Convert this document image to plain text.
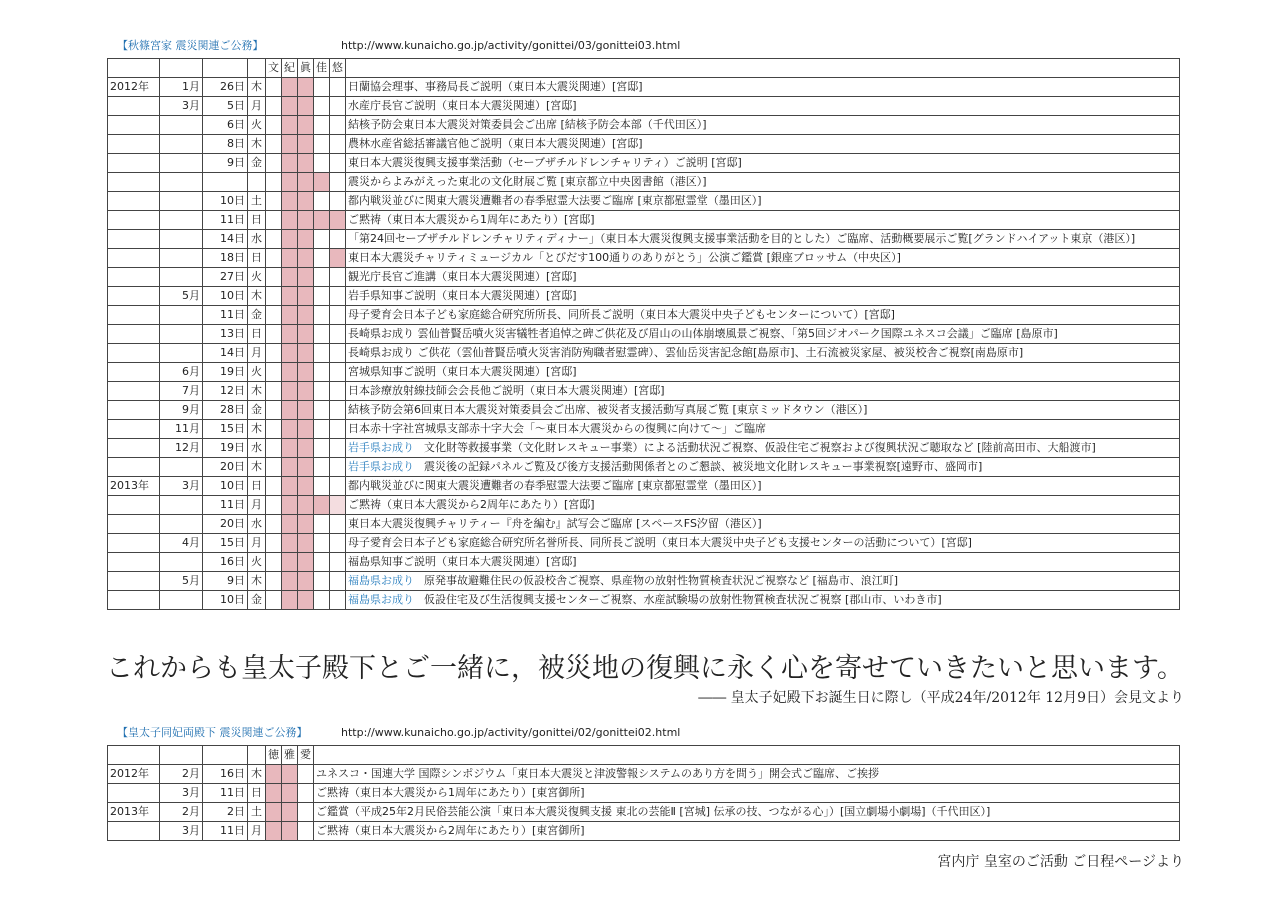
【秋篠宮家 震災関連ご公務】	http://www.kunaicho.go.jp/activity/gonittei/03/gonittei03.html
				文	紀	眞	佳	悠	
2012年	1月	26日	木						日蘭協会理事、事務局長ご説明（東日本大震災関連）[宮邸]
	3月	5日	月						水産庁長官ご説明（東日本大震災関連）[宮邸]
		6日	火						結核予防会東日本大震災対策委員会ご出席 [結核予防会本部（千代田区）]
		8日	木						農林水産省総括審議官他ご説明（東日本大震災関連）[宮邸]
		9日	金						東日本大震災復興支援事業活動（セーブザチルドレンチャリティ）ご説明 [宮邸]
									震災からよみがえった東北の文化財展ご覧 [東京都立中央図書館（港区）]
		10日	土						都内戦災並びに関東大震災遭難者の春季慰霊大法要ご臨席 [東京都慰霊堂（墨田区）]
		11日	日						ご黙祷（東日本大震災から1周年にあたり）[宮邸]
		14日	水						「第24回セーブザチルドレンチャリティディナー」（東日本大震災復興支援事業活動を目的とした）ご臨席、活動概要展示ご覧[グランドハイアット東京（港区）]
		18日	日						東日本大震災チャリティミュージカル「とびだす100通りのありがとう」公演ご鑑賞 [銀座ブロッサム（中央区）]
		27日	火						観光庁長官ご進講（東日本大震災関連）[宮邸]
	5月	10日	木						岩手県知事ご説明（東日本大震災関連）[宮邸]
		11日	金						母子愛育会日本子ども家庭総合研究所所長、同所長ご説明（東日本大震災中央子どもセンターについて）[宮邸]
		13日	日						長崎県お成り 雲仙普賢岳噴火災害犠牲者追悼之碑ご供花及び眉山の山体崩壊風景ご視察、「第5回ジオパーク国際ユネスコ会議」ご臨席 [島原市]
		14日	月						長崎県お成り ご供花（雲仙普賢岳噴火災害消防殉職者慰霊碑）、雲仙岳災害記念館[島原市]、土石流被災家屋、被災校舎ご視察[南島原市]
	6月	19日	火						宮城県知事ご説明（東日本大震災関連）[宮邸]
	7月	12日	木						日本診療放射線技師会会長他ご説明（東日本大震災関連）[宮邸]
	9月	28日	金						結核予防会第6回東日本大震災対策委員会ご出席、被災者支援活動写真展ご覧 [東京ミッドタウン（港区）]
	11月	15日	木						日本赤十字社宮城県支部赤十字大会「～東日本大震災からの復興に向けて～」ご臨席
	12月	19日	水						岩手県お成り 文化財等救援事業（文化財レスキュー事業）による活動状況ご視察、仮設住宅ご視察および復興状況ご聴取など [陸前高田市、大船渡市]
		20日	木						岩手県お成り 震災後の記録パネルご覧及び後方支援活動関係者とのご懇談、被災地文化財レスキュー事業視察[遠野市、盛岡市]
2013年	3月	10日	日						都内戦災並びに関東大震災遭難者の春季慰霊大法要ご臨席 [東京都慰霊堂（墨田区）]
		11日	月						ご黙祷（東日本大震災から2周年にあたり）[宮邸]
		20日	水						東日本大震災復興チャリティー『舟を編む』試写会ご臨席 [スペースFS汐留（港区）]
	4月	15日	月						母子愛育会日本子ども家庭総合研究所名誉所長、同所長ご説明（東日本大震災中央子ども支援センターの活動について）[宮邸]
		16日	火						福島県知事ご説明（東日本大震災関連）[宮邸]
	5月	9日	木						福島県お成り 原発事故避難住民の仮設校舎ご視察、県産物の放射性物質検査状況ご視察など [福島市、浪江町]
		10日	金						福島県お成り 仮設住宅及び生活復興支援センターご視察、水産試験場の放射性物質検査状況ご視察 [郡山市、いわき市]
これからも皇太子殿下とご一緒に，被災地の復興に永く心を寄せていきたいと思います。
―― 皇太子妃殿下お誕生日に際し（平成24年/2012年 12月9日）会見文より
【皇太子同妃両殿下 震災関連ご公務】	http://www.kunaicho.go.jp/activity/gonittei/02/gonittei02.html
				徳	雅	愛	
2012年	2月	16日	木				ユネスコ・国連大学 国際シンポジウム「東日本大震災と津波警報システムのあり方を問う」開会式ご臨席、ご挨拶
	3月	11日	日				ご黙祷（東日本大震災から1周年にあたり）[東宮御所]
2013年	2月	2日	土				ご鑑賞（平成25年2月民俗芸能公演「東日本大震災復興支援 東北の芸能Ⅱ [宮城] 伝承の技、つながる心」）[国立劇場小劇場]（千代田区）]
	3月	11日	月				ご黙祷（東日本大震災から2周年にあたり）[東宮御所]
宮内庁 皇室のご活動 ご日程ページより
